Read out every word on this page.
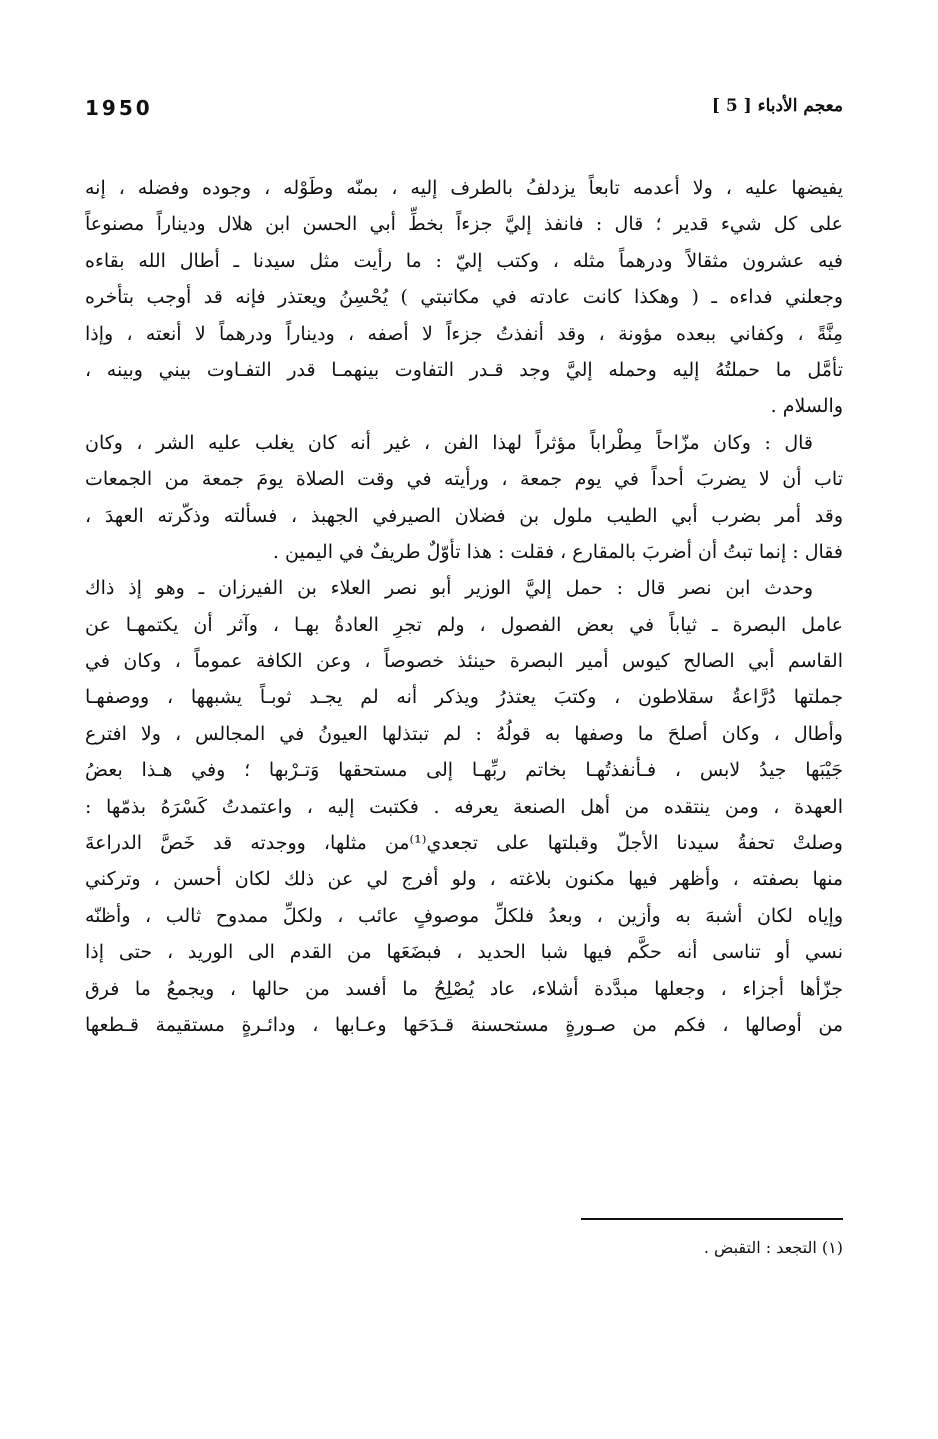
1950	معجم الأدباء [ 5 ]
يفيضها عليه ، ولا أعدمه تابعاً يزدلفُ بالطرف إليه ، بمنّه وطَوْله ، وجوده وفضله ، إنه
على كل شيء قدير ؛ قال : فانفذ إليَّ جزءاً بخطِّ أبي الحسن ابن هلال وديناراً مصنوعاً
فيه عشرون مثقالاً ودرهماً مثله ، وكتب إليّ : ما رأيت مثل سيدنا ـ أطال الله بقاءه
وجعلني فداءه ـ ( وهكذا كانت عادته في مكاتبتي ) يُحْسِنُ ويعتذر فإنه قد أوجب بتأخره
مِنَّةً ، وكفاني ببعده مؤونة ، وقد أنفذتُ جزءاً لا أصفه ، وديناراً ودرهماً لا أنعته ، وإذا
تأمَّل ما حملتُهُ إليه وحمله إليَّ وجد قـدر التفاوت بينهمـا قدر التفـاوت بيني وبينه ،
والسلام .
قال : وكان مزّاحاً مِطْراباً مؤثراً لهذا الفن ، غير أنه كان يغلب عليه الشر ، وكان
تاب أن لا يضربَ أحداً في يوم جمعة ، ورأيته في وقت الصلاة يومَ جمعة من الجمعات
وقد أمر بضرب أبي الطيب ملول بن فضلان الصيرفي الجهبذ ، فسألته وذكّرته العهدَ ،
فقال : إنما تبتُ أن أضربَ بالمقارع ، فقلت : هذا تأوّلٌ طريفٌ في اليمين .
وحدث ابن نصر قال : حمل إليَّ الوزير أبو نصر العلاء بن الفيرزان ـ وهو إذ ذاك
عامل البصرة ـ ثياباً في بعض الفصول ، ولم تجرِ العادةُ بهـا ، وآثر أن يكتمهـا عن
القاسم أبي الصالح كيوس أمير البصرة حينئذ خصوصاً ، وعن الكافة عموماً ، وكان في
جملتها دُرَّاعةُ سقلاطون ، وكتبَ يعتذرُ ويذكر أنه لم يجـد ثوبـاً يشبهها ، ووصفهـا
وأطال ، وكان أصلحَ ما وصفها به قولُهُ : لم تبتذلها العيونُ في المجالس ، ولا افترع
جَيْبَها جيدُ لابس ، فـأنفذتُهـا بخاتم ربِّهـا إلى مستحقها وَتـرْبها ؛ وفي هـذا بعضُ
العهدة ، ومن ينتقده من أهل الصنعة يعرفه . فكتبت إليه ، واعتمدتُ كَسْرَهُ بذمّها :
وصلتْ تحفةُ سيدنا الأجلّ وقبلتها على تجعدي⁽¹⁾من مثلها، ووجدته قد خَصَّ الدراعةَ
منها بصفته ، وأظهر فيها مكنون بلاغته ، ولو أفرج لي عن ذلك لكان أحسن ، وتركني
وإياه لكان أشبهَ به وأزين ، وبعدُ فلكلِّ موصوفٍ عائب ، ولكلِّ ممدوح ثالب ، وأظنّه
نسي أو تناسى أنه حكَّم فيها شبا الحديد ، فبضَعَها من القدم الى الوريد ، حتى إذا
جزّأها أجزاء ، وجعلها مبدَّدة أشلاء، عاد يُصْلِحُ ما أفسد من حالها ، ويجمعُ ما فرق
من أوصالها ، فكم من صـورةٍ مستحسنة قـدَحَها وعـابها ، ودائـرةٍ مستقيمة قـطعها
(١) التجعد : التقبض .
